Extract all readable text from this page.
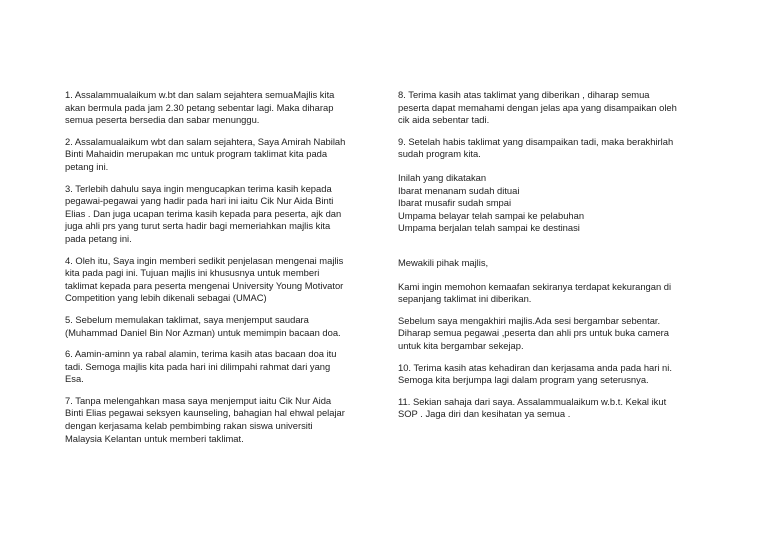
1. Assalammualaikum w.bt dan salam sejahtera semuaMajlis kita
akan bermula pada jam 2.30 petang sebentar lagi. Maka diharap
semua peserta bersedia dan sabar menunggu.

2. Assalamualaikum wbt dan salam sejahtera, Saya Amirah Nabilah
Binti Mahaidin merupakan mc untuk program taklimat kita pada
petang ini.

3. Terlebih dahulu saya ingin mengucapkan terima kasih kepada
pegawai-pegawai yang hadir pada hari ini iaitu Cik Nur Aida Binti
Elias . Dan juga ucapan terima kasih kepada para peserta, ajk dan
juga ahli prs yang turut serta hadir bagi memeriahkan majlis kita
pada petang ini.

4. Oleh itu, Saya ingin memberi sedikit penjelasan mengenai majlis
kita pada pagi ini. Tujuan majlis ini khususnya untuk memberi
taklimat kepada para peserta mengenai University Young Motivator
Competition yang lebih dikenali sebagai (UMAC)

5. Sebelum memulakan taklimat, saya menjemput saudara
(Muhammad Daniel Bin Nor Azman) untuk memimpin bacaan doa.

6. Aamin-aminn ya rabal alamin, terima kasih atas bacaan doa itu
tadi. Semoga majlis kita pada hari ini dilimpahi rahmat dari yang
Esa.

7. Tanpa melengahkan masa saya menjemput iaitu Cik Nur Aida
Binti Elias pegawai seksyen kaunseling, bahagian hal ehwal pelajar
dengan kerjasama kelab pembimbing rakan siswa universiti
Malaysia Kelantan untuk memberi taklimat.

8. Terima kasih atas taklimat yang diberikan , diharap semua
peserta dapat memahami dengan jelas apa yang disampaikan oleh
cik aida sebentar tadi.

9. Setelah habis taklimat yang disampaikan tadi, maka berakhirlah
sudah program kita.

Inilah yang dikatakan
Ibarat menanam sudah dituai
Ibarat musafir sudah smpai
Umpama belayar telah sampai ke pelabuhan
Umpama berjalan telah sampai ke destinasi

Mewakili pihak majlis,

Kami ingin memohon kemaafan sekiranya terdapat kekurangan di
sepanjang taklimat ini diberikan.

Sebelum saya mengakhiri majlis.Ada sesi bergambar sebentar.
Diharap semua pegawai ,peserta dan ahli prs untuk buka camera
untuk kita bergambar sekejap.

10. Terima kasih atas kehadiran dan kerjasama anda pada hari ni.
Semoga kita berjumpa lagi dalam program yang seterusnya.

11. Sekian sahaja dari saya. Assalammualaikum w.b.t. Kekal ikut
SOP . Jaga diri dan kesihatan ya semua .
